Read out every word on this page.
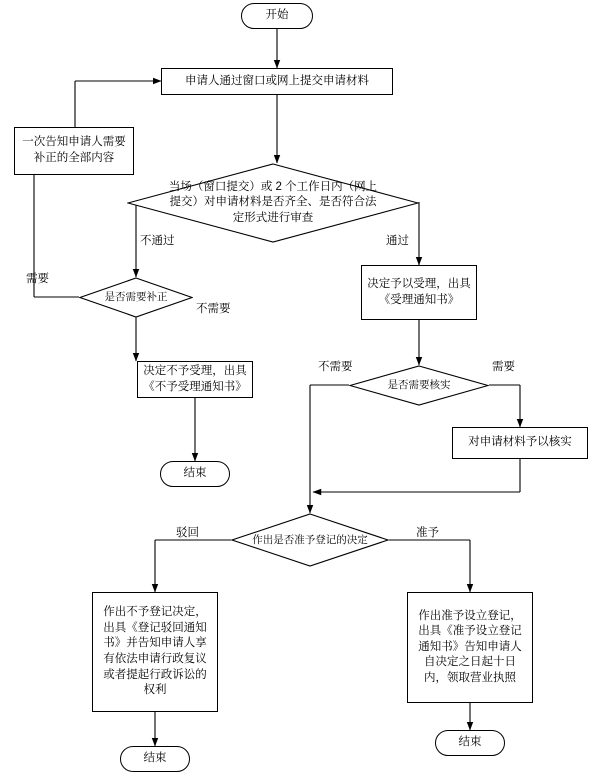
开始
申请人通过窗口或网上提交申请材料
一次告知申请人需要补正的全部内容
当场（窗口提交）或 2 个工作日内（网上提交）对申请材料是否齐全、是否符合法定形式进行审查
是否需要补正
决定予以受理，出具《受理通知书》
决定不予受理，出具《不予受理通知书》	是否需要核实
对申请材料予以核实
作出是否准予登记的决定
作出不予登记决定，出具《登记驳回通知书》并告知申请人享有依法申请行政复议或者提起行政诉讼的权利
作出准予设立登记，出具《准予设立登记通知书》告知申请人自决定之日起十日内，领取营业执照
结束
结束
结束
不通过	通过
需要
不需要
不需要	需要
驳回	准予
